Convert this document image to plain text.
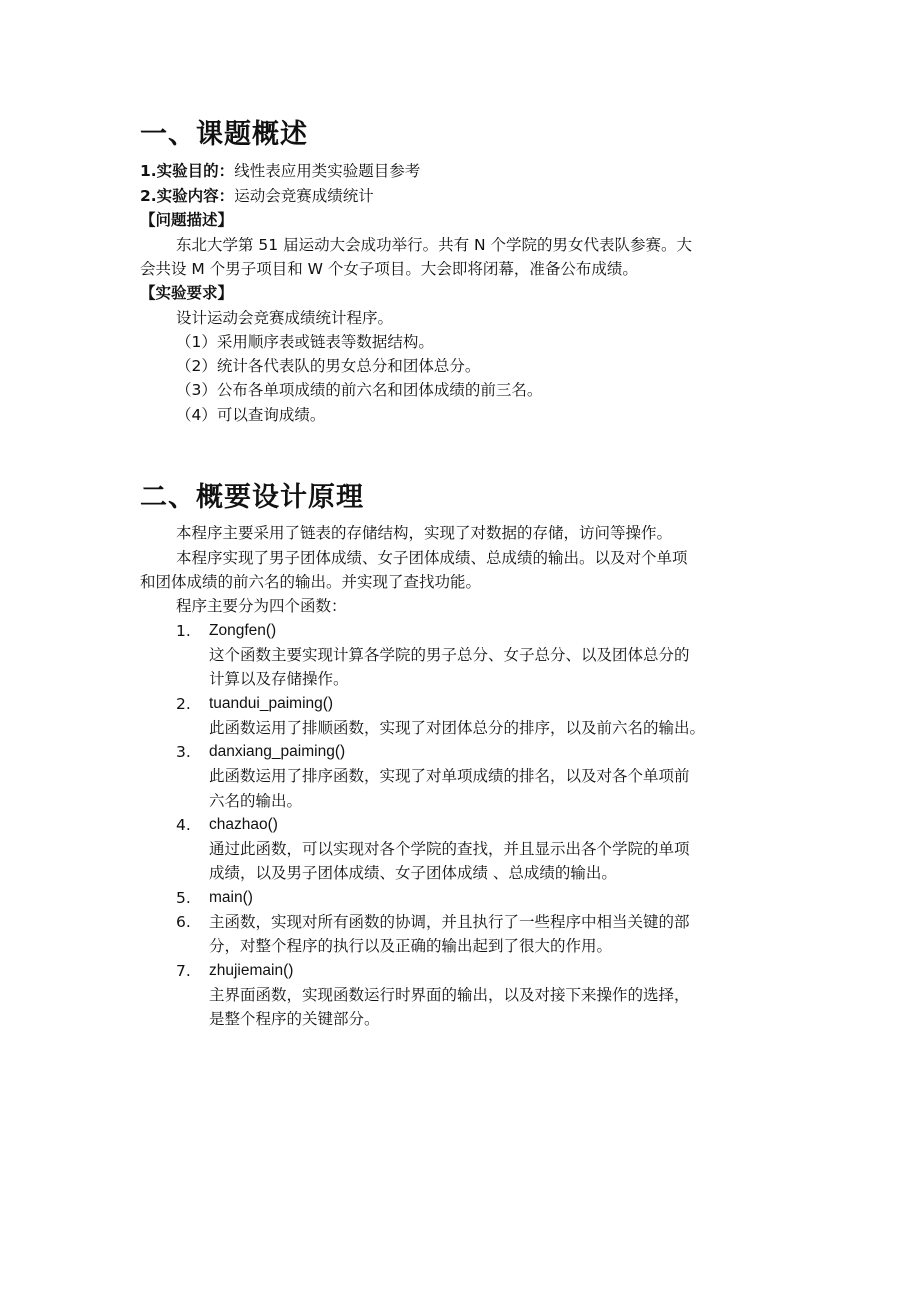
一、课题概述
1.实验目的：线性表应用类实验题目参考
2.实验内容：运动会竞赛成绩统计
【问题描述】
东北大学第 51 届运动大会成功举行。共有 N 个学院的男女代表队参赛。大
会共设 M 个男子项目和 W 个女子项目。大会即将闭幕，准备公布成绩。
【实验要求】
设计运动会竞赛成绩统计程序。
（1）采用顺序表或链表等数据结构。
（2）统计各代表队的男女总分和团体总分。
（3）公布各单项成绩的前六名和团体成绩的前三名。
（4）可以查询成绩。
二、概要设计原理
本程序主要采用了链表的存储结构，实现了对数据的存储，访问等操作。
本程序实现了男子团体成绩、女子团体成绩、总成绩的输出。以及对个单项
和团体成绩的前六名的输出。并实现了查找功能。
程序主要分为四个函数：
1. Zongfen()
这个函数主要实现计算各学院的男子总分、女子总分、以及团体总分的
计算以及存储操作。
2. tuandui_paiming()
此函数运用了排顺函数，实现了对团体总分的排序，以及前六名的输出。
3. danxiang_paiming()
此函数运用了排序函数，实现了对单项成绩的排名，以及对各个单项前
六名的输出。
4. chazhao()
通过此函数，可以实现对各个学院的查找，并且显示出各个学院的单项
成绩，以及男子团体成绩、女子团体成绩 、总成绩的输出。
5. main()
6. 主函数，实现对所有函数的协调，并且执行了一些程序中相当关键的部
分，对整个程序的执行以及正确的输出起到了很大的作用。
7. zhujiemain()
主界面函数，实现函数运行时界面的输出，以及对接下来操作的选择，
是整个程序的关键部分。
